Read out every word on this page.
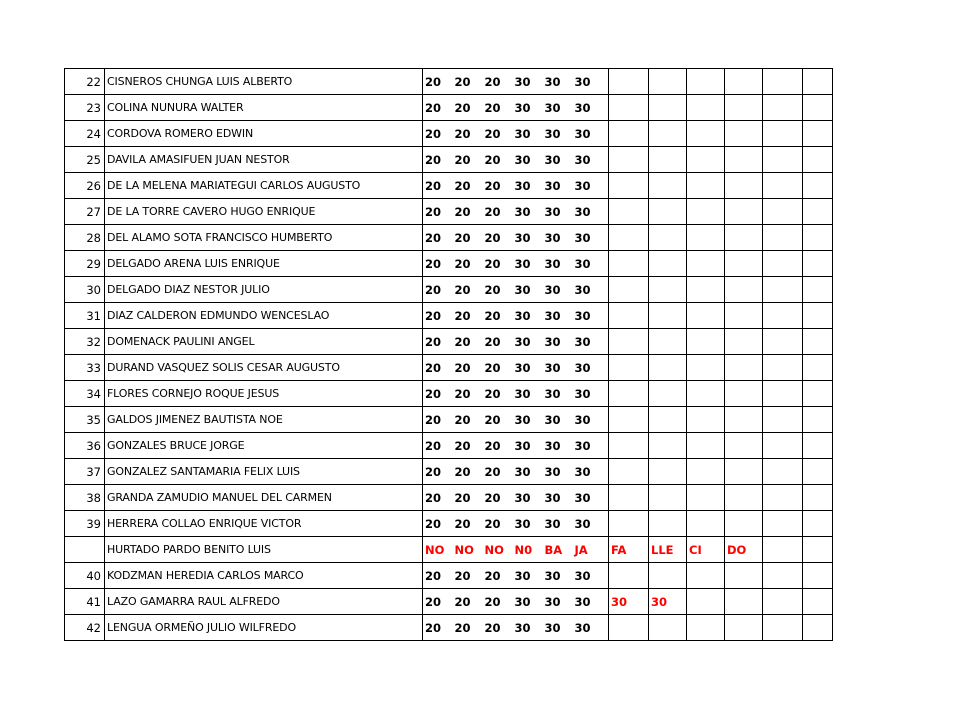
22	CISNEROS CHUNGA LUIS ALBERTO	20	20	20	30	30	30						
23	COLINA NUNURA WALTER	20	20	20	30	30	30						
24	CORDOVA ROMERO EDWIN	20	20	20	30	30	30						
25	DAVILA AMASIFUEN JUAN NESTOR	20	20	20	30	30	30						
26	DE LA MELENA MARIATEGUI CARLOS AUGUSTO	20	20	20	30	30	30						
27	DE LA TORRE CAVERO HUGO ENRIQUE	20	20	20	30	30	30						
28	DEL ALAMO SOTA FRANCISCO HUMBERTO	20	20	20	30	30	30						
29	DELGADO ARENA LUIS ENRIQUE	20	20	20	30	30	30						
30	DELGADO DIAZ NESTOR JULIO	20	20	20	30	30	30						
31	DIAZ CALDERON EDMUNDO WENCESLAO	20	20	20	30	30	30						
32	DOMENACK PAULINI ANGEL	20	20	20	30	30	30						
33	DURAND VASQUEZ SOLIS CESAR AUGUSTO	20	20	20	30	30	30						
34	FLORES CORNEJO ROQUE JESUS	20	20	20	30	30	30						
35	GALDOS JIMENEZ BAUTISTA NOE	20	20	20	30	30	30						
36	GONZALES BRUCE JORGE	20	20	20	30	30	30						
37	GONZALEZ SANTAMARIA FELIX LUIS	20	20	20	30	30	30						
38	GRANDA ZAMUDIO MANUEL DEL CARMEN	20	20	20	30	30	30						
39	HERRERA COLLAO ENRIQUE VICTOR	20	20	20	30	30	30						
	HURTADO PARDO BENITO LUIS	NO	NO	NO	N0	BA	JA	FA	LLE	CI	DO		
40	KODZMAN HEREDIA CARLOS MARCO	20	20	20	30	30	30						
41	LAZO GAMARRA RAUL ALFREDO	20	20	20	30	30	30	30	30				
42	LENGUA ORMEÑO JULIO WILFREDO	20	20	20	30	30	30						
